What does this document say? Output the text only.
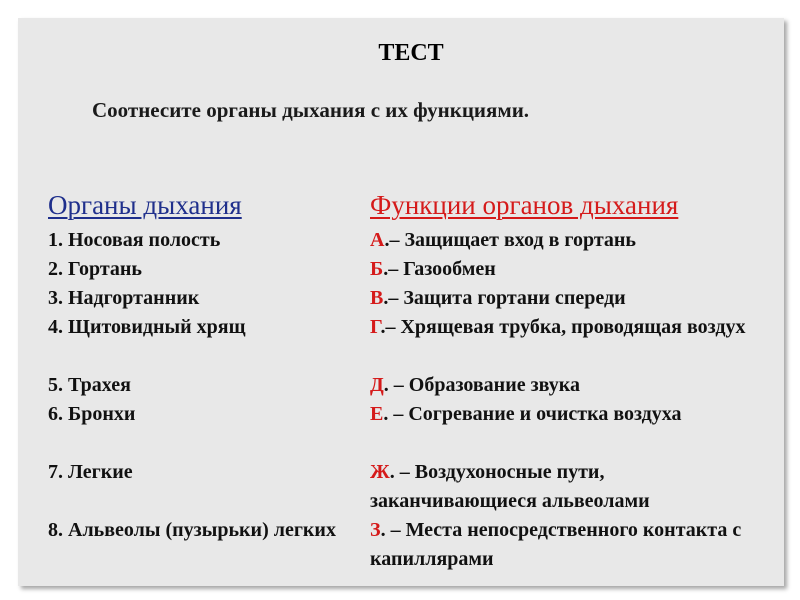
ТЕСТ
Соотнесите органы дыхания с их функциями.
Органы дыхания
1. Носовая полость
2. Гортань
3. Надгортанник
4. Щитовидный хрящ
5. Трахея
6. Бронхи
7. Легкие
8. Альвеолы (пузырьки) легких
Функции органов дыхания
А.– Защищает вход в гортань
Б.– Газообмен
В.– Защита гортани спереди
Г.– Хрящевая трубка, проводящая воздух
Д. – Образование звука
Е. – Согревание и очистка воздуха
Ж. – Воздухоносные пути, заканчивающиеся альвеолами
З. – Места непосредственного контакта с капиллярами
